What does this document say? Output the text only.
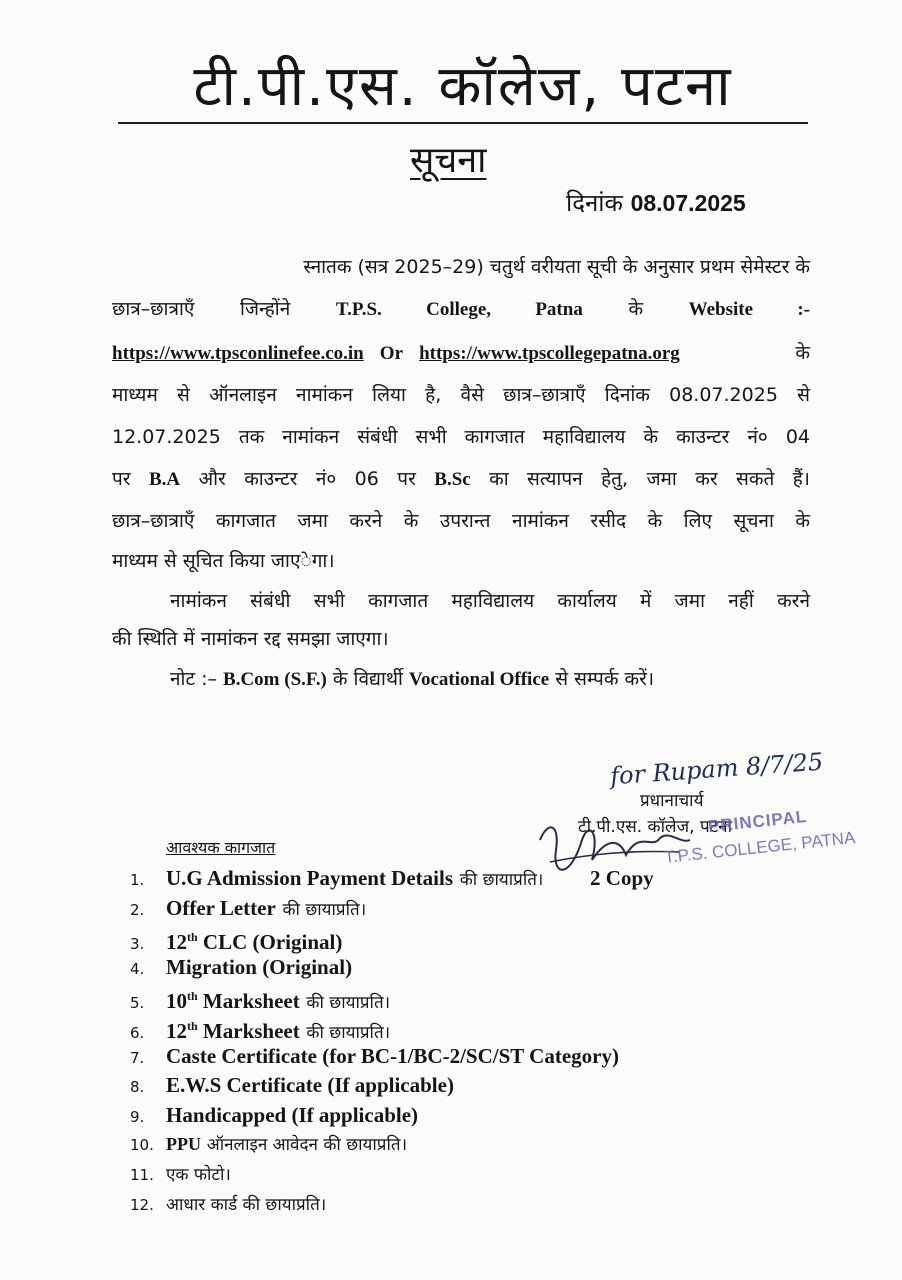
टी.पी.एस. कॉलेज, पटना
सूचना
दिनांक 08.07.2025
स्नातक (सत्र 2025–29) चतुर्थ वरीयता सूची के अनुसार प्रथम सेमेस्टर के
छात्र–छात्राएँ जिन्होंने T.P.S. College, Patna के Website :-
https://www.tpsconlinefee.co.in Or https://www.tpscollegepatna.org	के
माध्यम से ऑनलाइन नामांकन लिया है, वैसे छात्र–छात्राएँ दिनांक 08.07.2025 से
12.07.2025 तक नामांकन संबंधी सभी कागजात महाविद्यालय के काउन्टर नं० 04
पर B.A और काउन्टर नं० 06 पर B.Sc का सत्यापन हेतु, जमा कर सकते हैं।
छात्र–छात्राएँ कागजात जमा करने के उपरान्त नामांकन रसीद के लिए सूचना के
माध्यम से सूचित किया जाएेगा।
नामांकन संबंधी सभी कागजात महाविद्यालय कार्यालय में जमा नहीं करने
की स्थिति में नामांकन रद्द समझा जाएगा।
नोट :– B.Com (S.F.) के विद्यार्थी Vocational Office से सम्पर्क करें।
for Rupam 8/7/25
प्रधानाचार्य
टी.पी.एस. कॉलेज, पटना
PRINCIPAL
T.P.S. COLLEGE, PATNA
आवश्यक कागजात
1. U.G Admission Payment Details की छायाप्रति। 2 Copy
2. Offer Letter की छायाप्रति।
3. 12th CLC (Original)
4. Migration (Original)
5. 10th Marksheet की छायाप्रति।
6. 12th Marksheet की छायाप्रति।
7. Caste Certificate (for BC-1/BC-2/SC/ST Category)
8. E.W.S Certificate (If applicable)
9. Handicapped (If applicable)
10. PPU ऑनलाइन आवेदन की छायाप्रति।
11. एक फोटो।
12. आधार कार्ड की छायाप्रति।
